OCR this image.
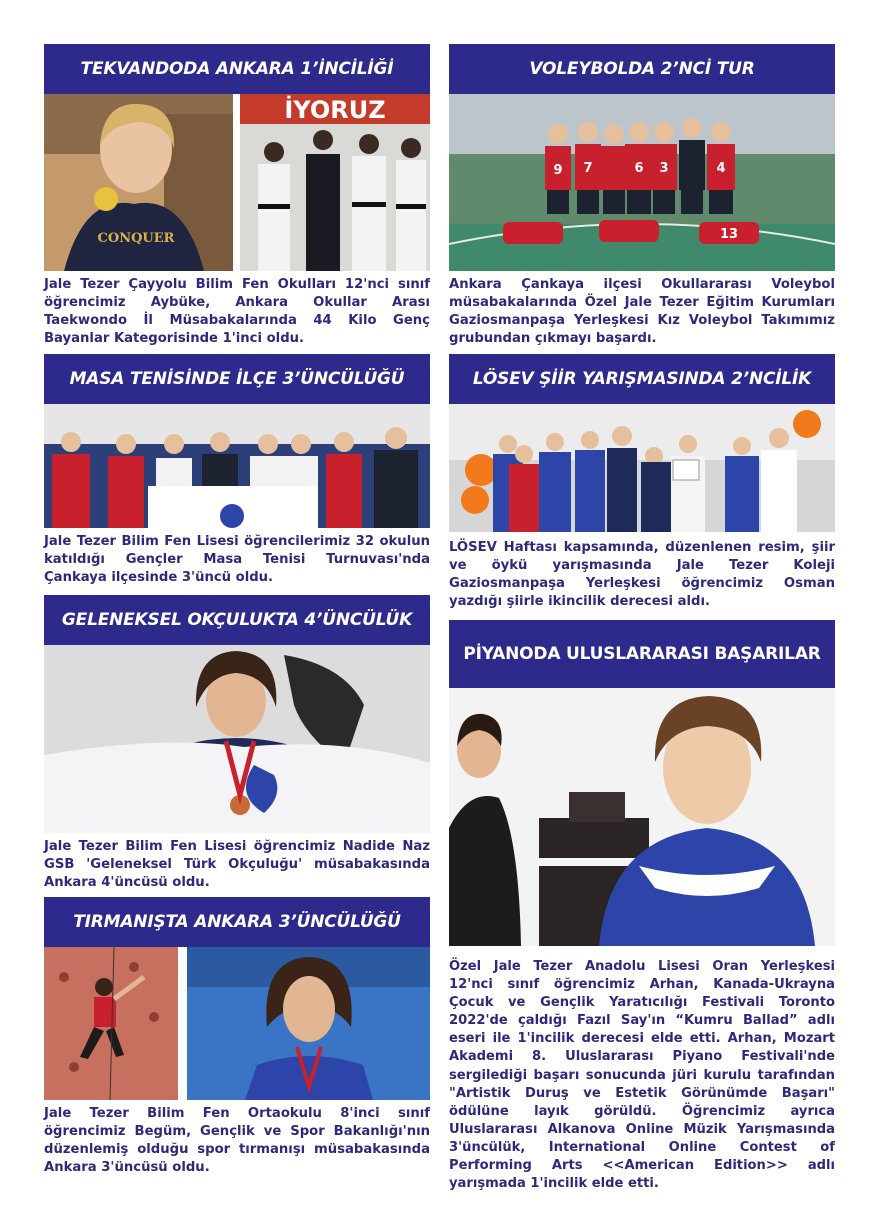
TEKVANDODA ANKARA 1’İNCİLİĞİ
CONQUER
İYORUZ
Jale Tezer Çayyolu Bilim Fen Okulları 12'nci sınıf öğrencimiz Aybüke, Ankara Okullar Arası Taekwondo İl Müsabakalarında 44 Kilo Genç Bayanlar Kategorisinde 1'inci oldu.
MASA TENİSİNDE İLÇE 3’ÜNCÜLÜĞÜ
Jale Tezer Bilim Fen Lisesi öğrencilerimiz 32 okulun katıldığı Gençler Masa Tenisi Turnuvası'nda Çankaya ilçesinde 3'üncü oldu.
GELENEKSEL OKÇULUKTA 4’ÜNCÜLÜK
Jale Tezer Bilim Fen Lisesi öğrencimiz Nadide Naz GSB 'Geleneksel Türk Okçuluğu' müsabakasında Ankara 4'üncüsü oldu.
TIRMANIŞTA ANKARA 3’ÜNCÜLÜĞÜ
Jale Tezer Bilim Fen Ortaokulu 8'inci sınıf öğrencimiz Begüm, Gençlik ve Spor Bakanlığı'nın düzenlemiş olduğu spor tırmanışı müsabakasında Ankara 3'üncüsü oldu.
VOLEYBOLDA 2’NCİ TUR
9 7	6 3	4
13
Ankara Çankaya ilçesi Okullararası Voleybol müsabakalarında Özel Jale Tezer Eğitim Kurumları Gaziosmanpaşa Yerleşkesi Kız Voleybol Takımımız grubundan çıkmayı başardı.
LÖSEV ŞİİR YARIŞMASINDA 2’NCİLİK
LÖSEV Haftası kapsamında, düzenlenen resim, şiir ve öykü yarışmasında Jale Tezer Koleji Gaziosmanpaşa Yerleşkesi öğrencimiz Osman yazdığı şiirle ikincilik derecesi aldı.
PİYANODA ULUSLARARASI BAŞARILAR
Özel Jale Tezer Anadolu Lisesi Oran Yerleşkesi 12'nci sınıf öğrencimiz Arhan, Kanada-Ukrayna Çocuk ve Gençlik Yaratıcılığı Festivali Toronto 2022'de çaldığı Fazıl Say'ın “Kumru Ballad” adlı eseri ile 1'incilik derecesi elde etti. Arhan, Mozart Akademi 8. Uluslararası Piyano Festivali'nde sergilediği başarı sonucunda jüri kurulu tarafından "Artistik Duruş ve Estetik Görünümde Başarı" ödülüne layık görüldü. Öğrencimiz ayrıca Uluslararası Alkanova Online Müzik Yarışmasında 3'üncülük, International Online Contest of Performing Arts <<American Edition>> adlı yarışmada 1'incilik elde etti.
